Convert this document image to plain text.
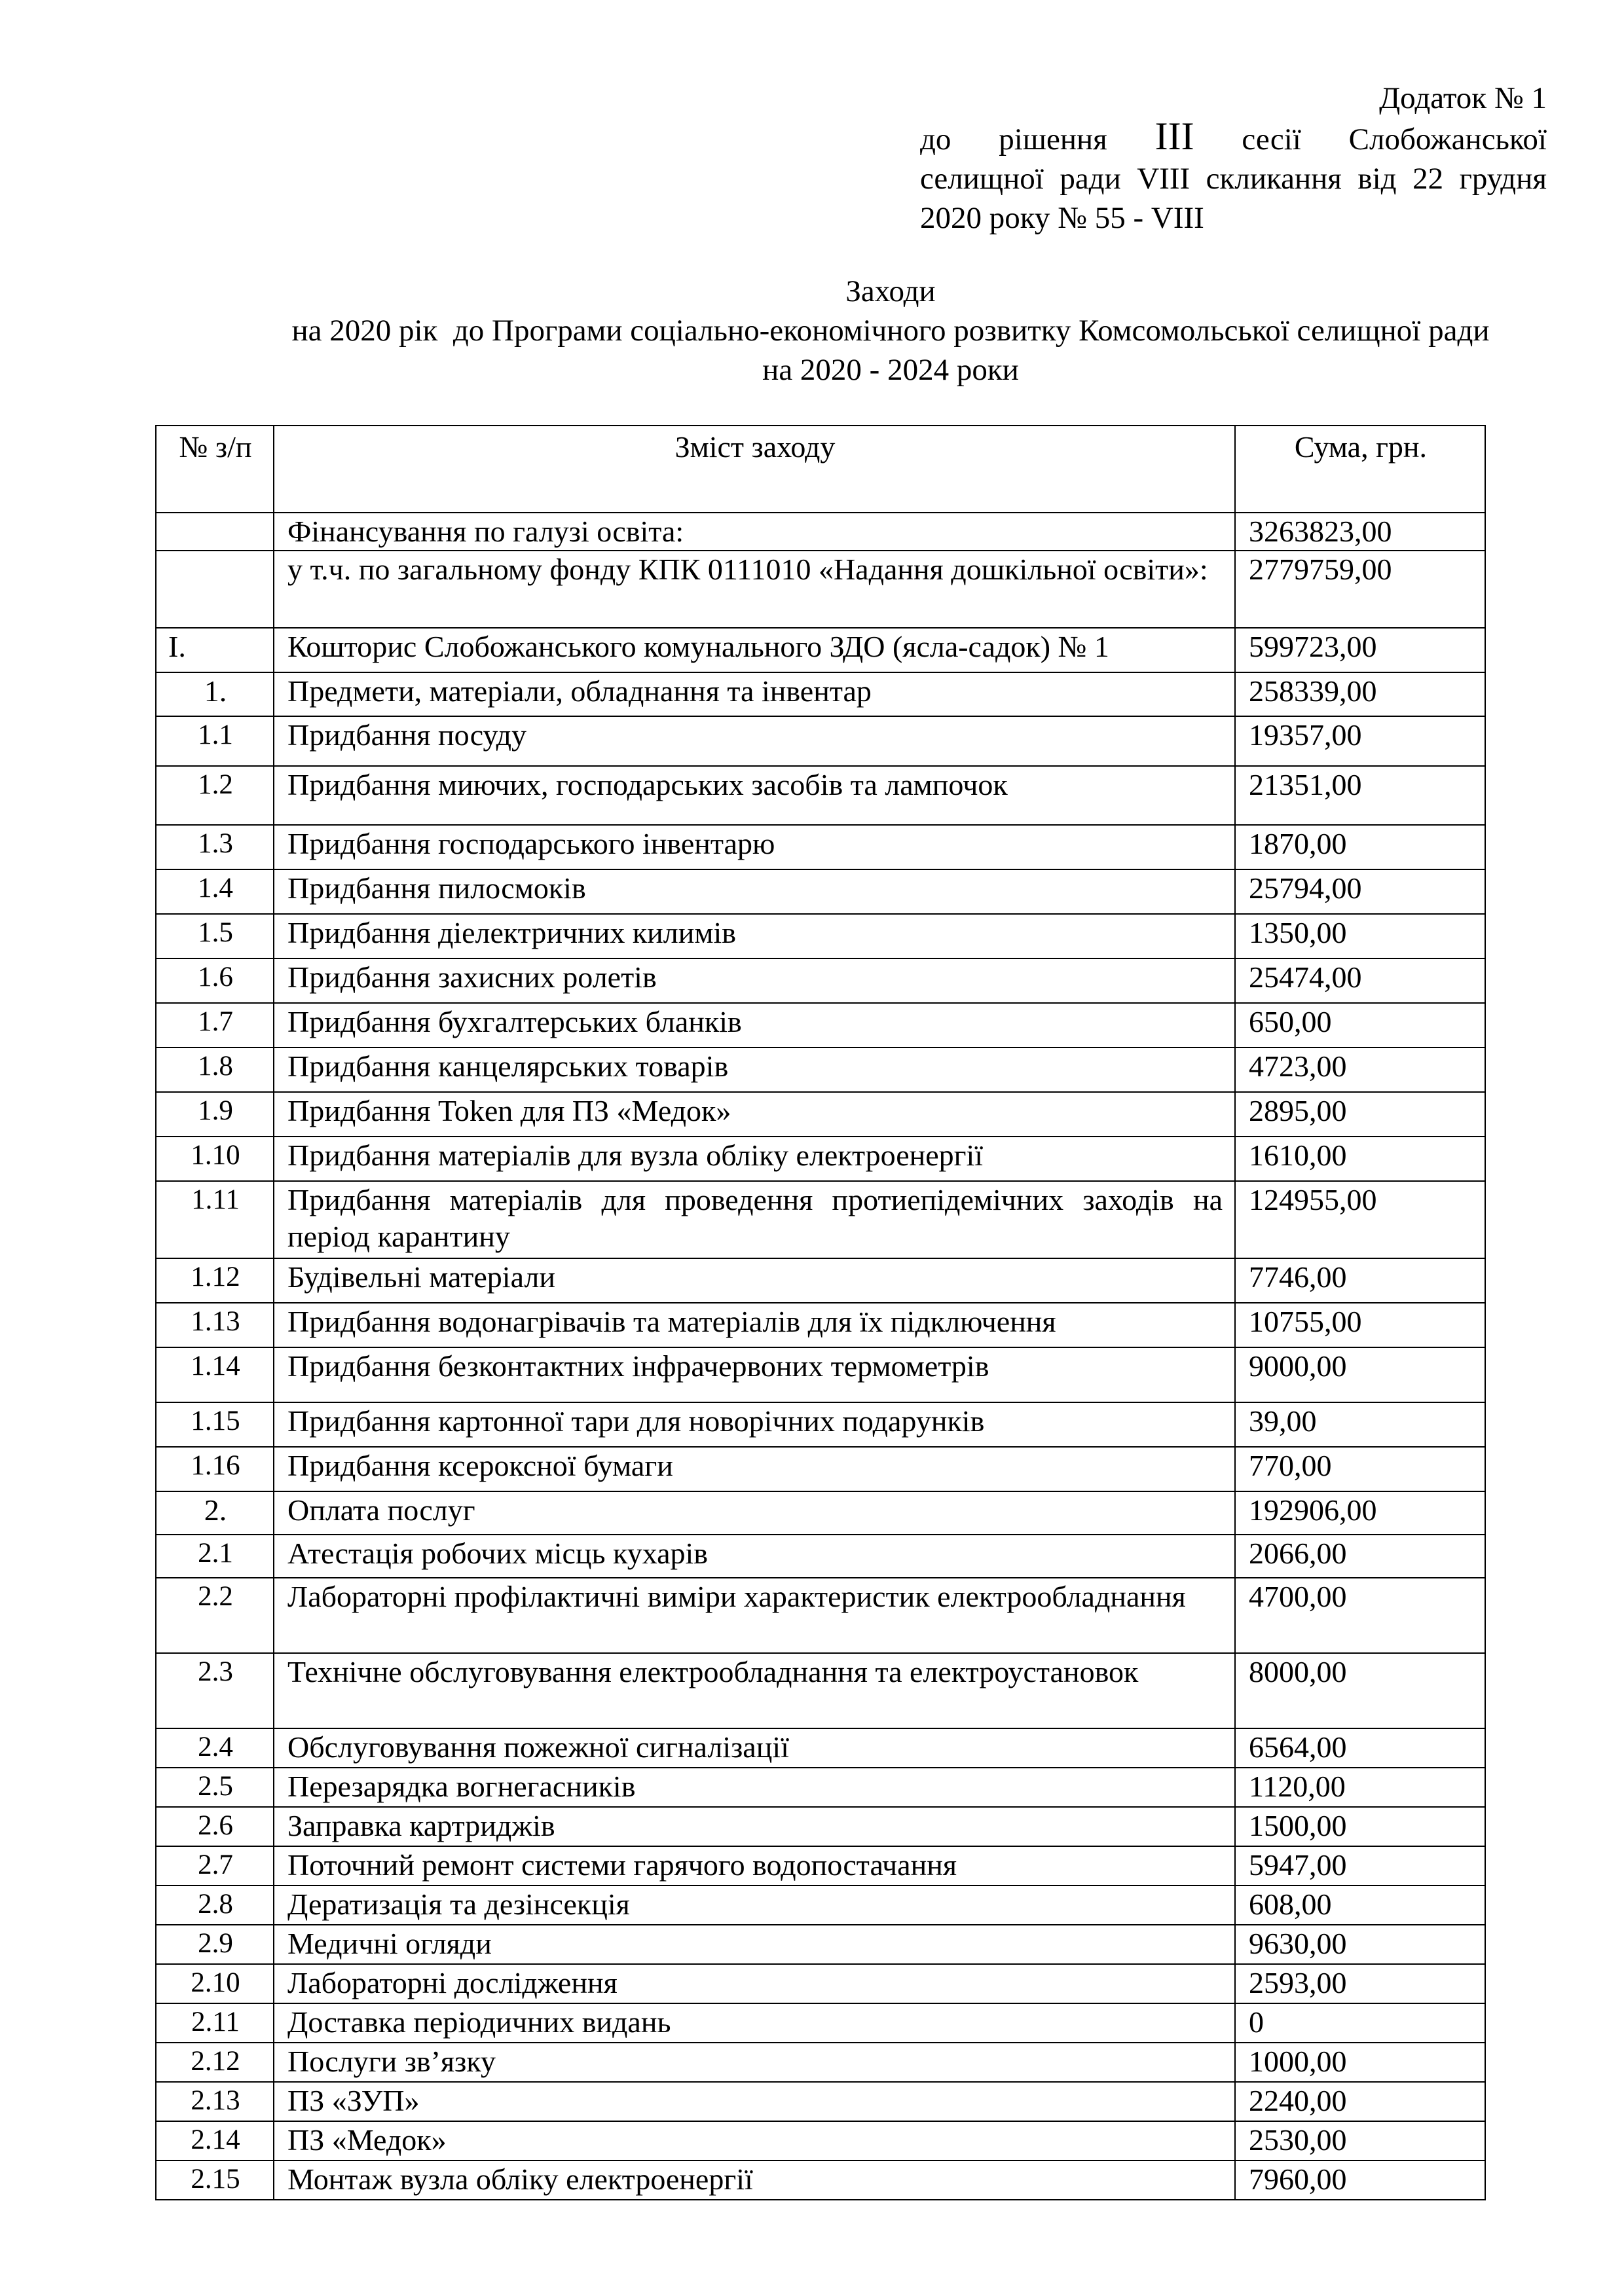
Додаток № 1
до рішення III сесії Слобожанської
селищної ради VIII скликання від 22 грудня
2020 року № 55 - VIII
Заходи
на 2020 рік  до Програми соціально-економічного розвитку Комсомольської селищної ради
на 2020 - 2024 роки
№ з/п	Зміст заходу	Сума, грн.
	Фінансування по галузі освіта:	3263823,00
	у т.ч. по загальному фонду КПК 0111010 «Надання дошкільної освіти»:	2779759,00
I.	Кошторис Слобожанського комунального ЗДО (ясла-садок) № 1	599723,00
1.	Предмети, матеріали, обладнання та інвентар	258339,00
1.1	Придбання посуду	19357,00
1.2	Придбання миючих, господарських засобів та лампочок	21351,00
1.3	Придбання господарського інвентарю	1870,00
1.4	Придбання пилосмоків	25794,00
1.5	Придбання діелектричних килимів	1350,00
1.6	Придбання захисних ролетів	25474,00
1.7	Придбання бухгалтерських бланків	650,00
1.8	Придбання канцелярських товарів	4723,00
1.9	Придбання Token для ПЗ «Медок»	2895,00
1.10	Придбання матеріалів для вузла обліку електроенергії	1610,00
1.11	Придбання матеріалів для проведення протиепідемічних заходів на період карантину	124955,00
1.12	Будівельні матеріали	7746,00
1.13	Придбання водонагрівачів та матеріалів для їх підключення	10755,00
1.14	Придбання безконтактних інфрачервоних термометрів	9000,00
1.15	Придбання картонної тари для новорічних подарунків	39,00
1.16	Придбання ксероксної бумаги	770,00
2.	Оплата послуг	192906,00
2.1	Атестація робочих місць кухарів	2066,00
2.2	Лабораторні профілактичні виміри характеристик електрообладнання	4700,00
2.3	Технічне обслуговування електрообладнання та електроустановок	8000,00
2.4	Обслуговування пожежної сигналізації	6564,00
2.5	Перезарядка вогнегасників	1120,00
2.6	Заправка картриджів	1500,00
2.7	Поточний ремонт системи гарячого водопостачання	5947,00
2.8	Дератизація та дезінсекція	608,00
2.9	Медичні огляди	9630,00
2.10	Лабораторні дослідження	2593,00
2.11	Доставка періодичних видань	0
2.12	Послуги зв’язку	1000,00
2.13	ПЗ «ЗУП»	2240,00
2.14	ПЗ «Медок»	2530,00
2.15	Монтаж вузла обліку електроенергії	7960,00
